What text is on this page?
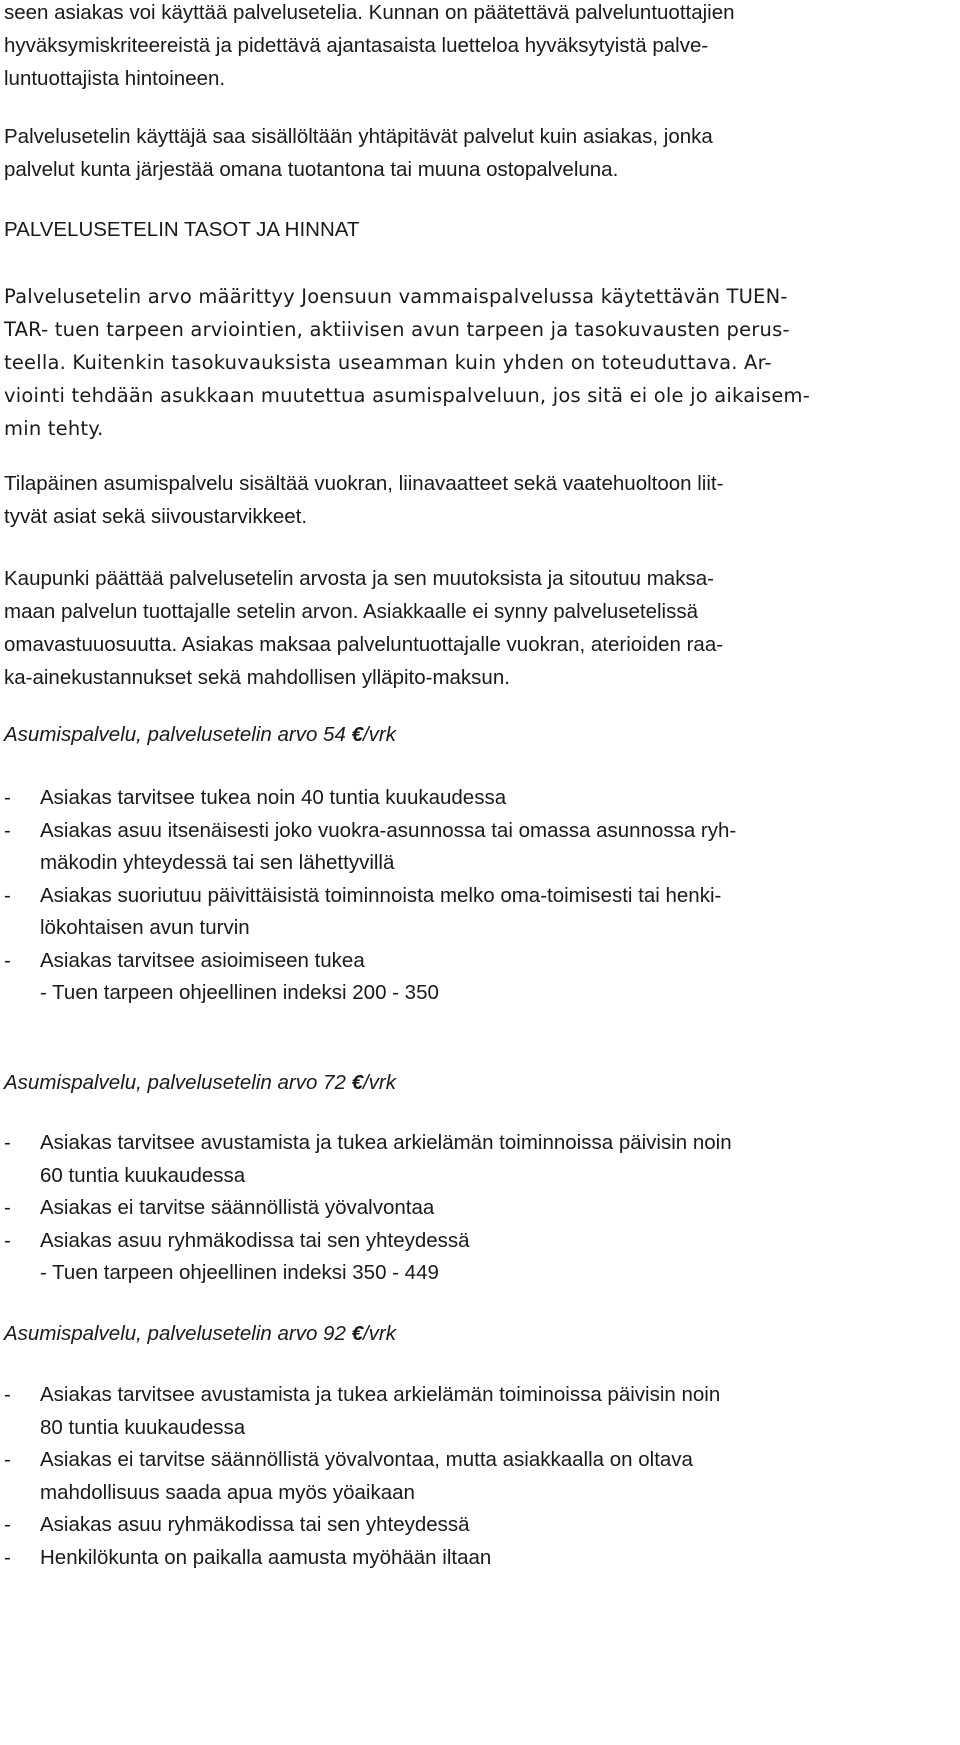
seen asiakas voi käyttää palvelusetelia. Kunnan on päätettävä palveluntuottajien
hyväksymiskriteereistä ja pidettävä ajantasaista luetteloa hyväksytyistä palve-
luntuottajista hintoineen.

Palvelusetelin käyttäjä saa sisällöltään yhtäpitävät palvelut kuin asiakas, jonka
palvelut kunta järjestää omana tuotantona tai muuna ostopalveluna.

PALVELUSETELIN TASOT JA HINNAT

Palvelusetelin arvo määrittyy Joensuun vammaispalvelussa käytettävän TUEN-
TAR- tuen tarpeen arviointien, aktiivisen avun tarpeen ja tasokuvausten perus-
teella. Kuitenkin tasokuvauksista useamman kuin yhden on toteuduttava. Ar-
viointi tehdään asukkaan muutettua asumispalveluun, jos sitä ei ole jo aikaisem-
min tehty.

Tilapäinen asumispalvelu sisältää vuokran, liinavaatteet sekä vaatehuoltoon liit-
tyvät asiat sekä siivoustarvikkeet.

Kaupunki päättää palvelusetelin arvosta ja sen muutoksista ja sitoutuu maksa-
maan palvelun tuottajalle setelin arvon. Asiakkaalle ei synny palvelusetelissä
omavastuuosuutta. Asiakas maksaa palveluntuottajalle vuokran, aterioiden raa-
ka-ainekustannukset sekä mahdollisen ylläpito-maksun.

Asumispalvelu, palvelusetelin arvo 54 €/vrk
- Asiakas tarvitsee tukea noin 40 tuntia kuukaudessa
- Asiakas asuu itsenäisesti joko vuokra-asunnossa tai omassa asunnossa ryh-
mäkodin yhteydessä tai sen lähettyvillä
- Asiakas suoriutuu päivittäisistä toiminnoista melko oma-toimisesti tai henki-
lökohtaisen avun turvin
- Asiakas tarvitsee asioimiseen tukea
- Tuen tarpeen ohjeellinen indeksi 200 - 350
Asumispalvelu, palvelusetelin arvo 72 €/vrk
- Asiakas tarvitsee avustamista ja tukea arkielämän toiminnoissa päivisin noin
60 tuntia kuukaudessa
- Asiakas ei tarvitse säännöllistä yövalvontaa
- Asiakas asuu ryhmäkodissa tai sen yhteydessä
- Tuen tarpeen ohjeellinen indeksi 350 - 449
Asumispalvelu, palvelusetelin arvo 92 €/vrk
- Asiakas tarvitsee avustamista ja tukea arkielämän toiminoissa päivisin noin
80 tuntia kuukaudessa
- Asiakas ei tarvitse säännöllistä yövalvontaa, mutta asiakkaalla on oltava
mahdollisuus saada apua myös yöaikaan
- Asiakas asuu ryhmäkodissa tai sen yhteydessä
- Henkilökunta on paikalla aamusta myöhään iltaan
